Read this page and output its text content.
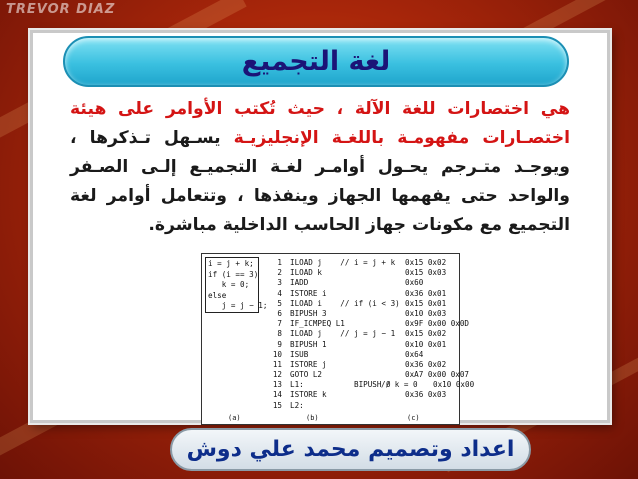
TREVOR DIAZ
لغة التجميع
هي اختصارات للغة الآلة ، حيث تُكتب الأوامر على هيئة اختصـارات مفهومـة باللغـة الإنجليزيـة يسـهل تـذكرها ، ويوجـد متـرجم يحـول أوامـر لغـة التجميـع إلـى الصـفر والواحد حتى يفهمها الجهاز وينفذها ، وتتعامل أوامر لغة التجميع مع مكونات جهاز الحاسب الداخلية مباشرة.
i = j + k;
if (i == 3)
k = 0;
else
j = j − 1;
1
2
3
4
5
6
7
8
9
10
11
12
13
14
15
ILOAD j    // i = j + k
ILOAD k
IADD
ISTORE i
ILOAD i    // if (i < 3)
BIPUSH 3
IF_ICMPEQ L1
ILOAD j    // j = j − 1
BIPUSH 1
ISUB
ISTORE j
GOTO L2
L1:           BIPUSH 0
ISTORE k
L2:
0x15 0x02
0x15 0x03
0x60
0x36 0x01
0x15 0x01
0x10 0x03
0x9F 0x00 0x0D
0x15 0x02
0x10 0x01
0x64
0x36 0x02
0xA7 0x00 0x07
0x10 0x00
0x36 0x03
// k = 0
(a)	(b)	(c)
اعداد وتصميم محمد علي دوش
